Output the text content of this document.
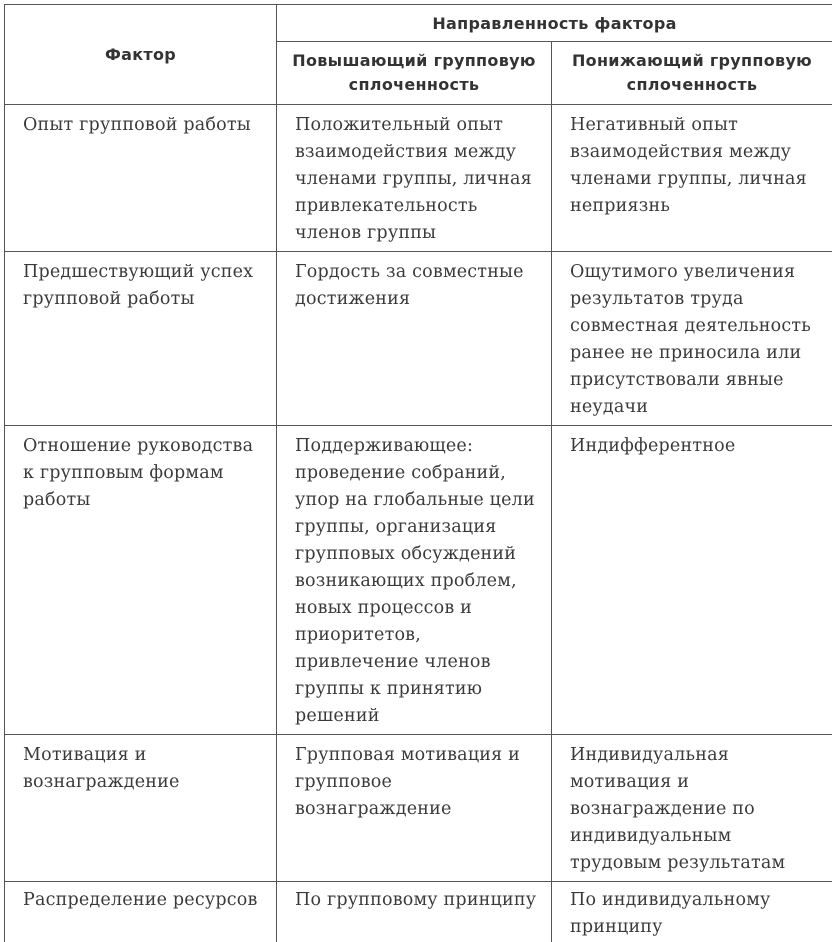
Фактор	Направленность фактора	
	Повышающий групповую сплоченность	Понижающий групповую сплоченность
Опыт групповой работы	Положительный опыт взаимодействия между членами группы, личная привлекательность членов группы	Негативный опыт взаимодействия между членами группы, личная неприязнь
Предшествующий успех групповой работы	Гордость за совместные достижения	Ощутимого увеличения результатов труда совместная деятельность ранее не приносила или присутствовали явные неудачи
Отношение руководства к групповым формам работы	Поддерживающее: проведение собраний, упор на глобальные цели группы, организация групповых обсуждений возникающих проблем, новых процессов и приоритетов, привлечение членов группы к принятию решений	Индифферентное
Мотивация и вознаграждение	Групповая мотивация и групповое вознаграждение	Индивидуальная мотивация и вознаграждение по индивидуальным трудовым результатам
Распределение ресурсов	По групповому принципу	По индивидуальному принципу
